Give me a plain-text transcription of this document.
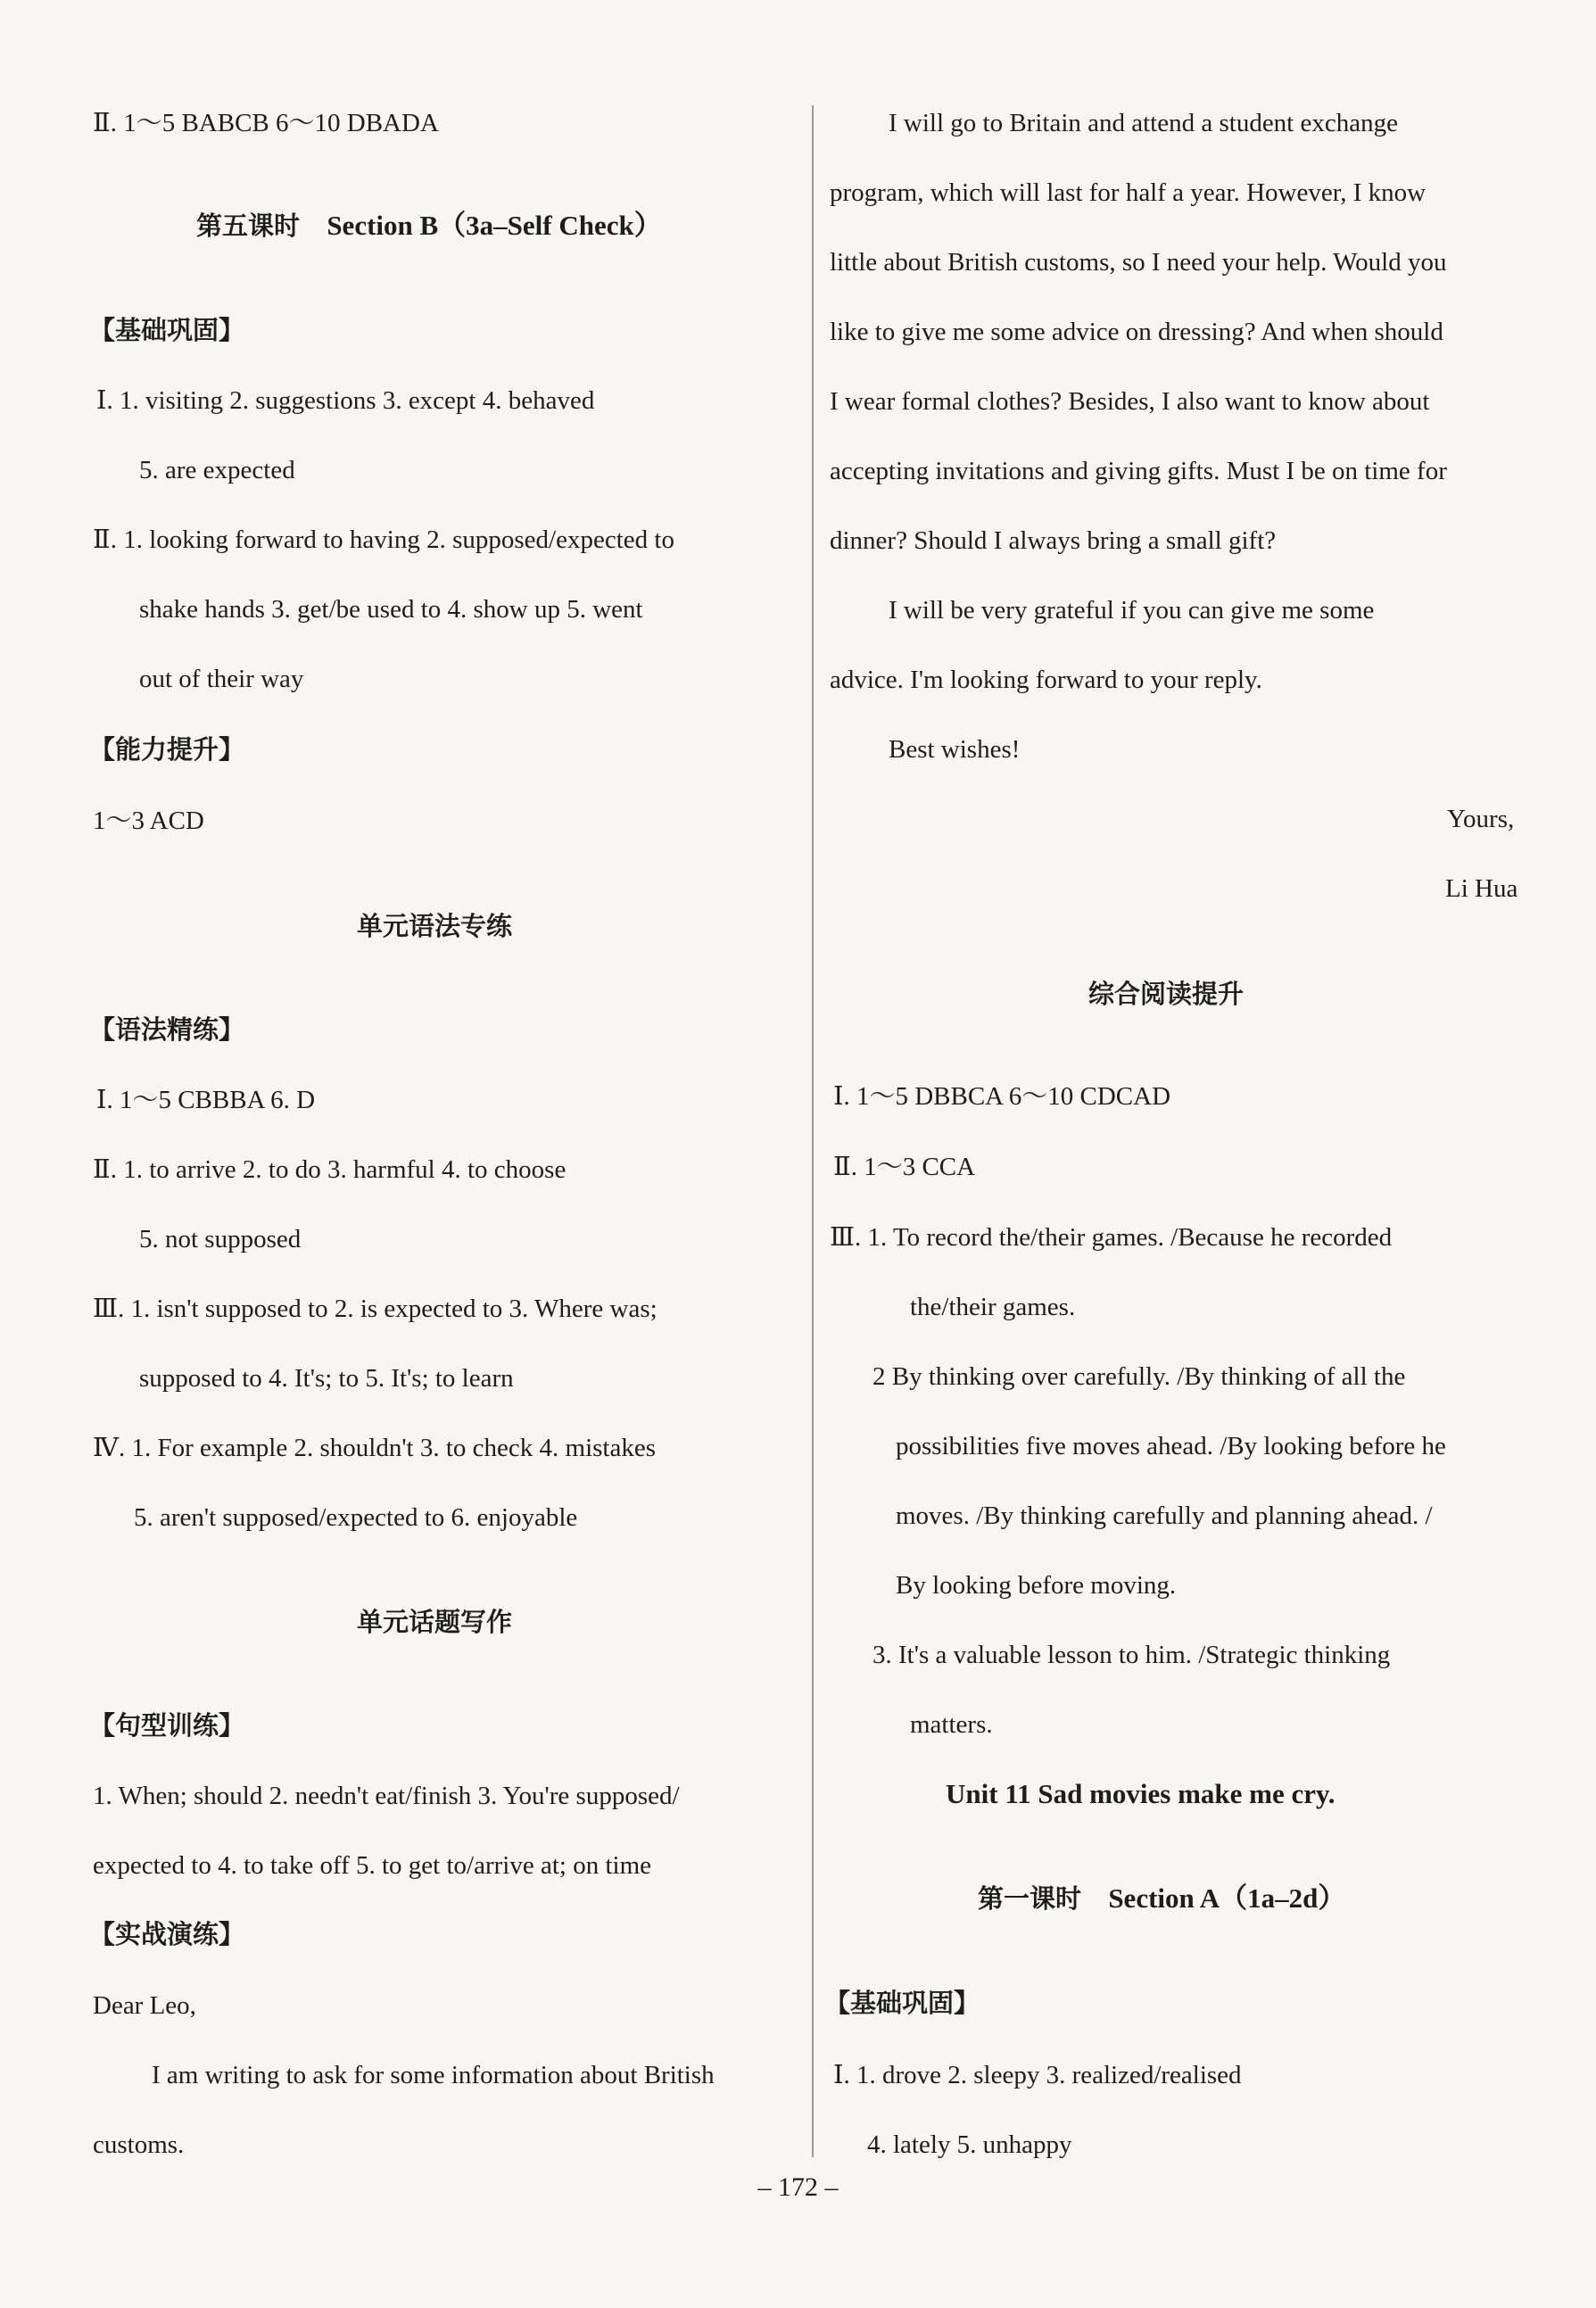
Ⅱ. 1～5 BABCB 6～10 DBADA
第五课时 Section B（3a–Self Check）
【基础巩固】
Ⅰ. 1. visiting 2. suggestions 3. except 4. behaved
5. are expected
Ⅱ. 1. looking forward to having 2. supposed/expected to
shake hands 3. get/be used to 4. show up 5. went
out of their way
【能力提升】
1～3 ACD
单元语法专练
【语法精练】
Ⅰ. 1～5 CBBBA 6. D
Ⅱ. 1. to arrive 2. to do 3. harmful 4. to choose
5. not supposed
Ⅲ. 1. isn't supposed to 2. is expected to 3. Where was;
supposed to 4. It's; to 5. It's; to learn
Ⅳ. 1. For example 2. shouldn't 3. to check 4. mistakes
5. aren't supposed/expected to 6. enjoyable
单元话题写作
【句型训练】
1. When; should 2. needn't eat/finish 3. You're supposed/
expected to 4. to take off 5. to get to/arrive at; on time
【实战演练】
Dear Leo,
I am writing to ask for some information about British
customs.
I will go to Britain and attend a student exchange
program, which will last for half a year. However, I know
little about British customs, so I need your help. Would you
like to give me some advice on dressing? And when should
I wear formal clothes? Besides, I also want to know about
accepting invitations and giving gifts. Must I be on time for
dinner? Should I always bring a small gift?
I will be very grateful if you can give me some
advice. I'm looking forward to your reply.
Best wishes!
Yours,
Li Hua
综合阅读提升
Ⅰ. 1～5 DBBCA 6～10 CDCAD
Ⅱ. 1～3 CCA
Ⅲ. 1. To record the/their games. /Because he recorded
the/their games.
2 By thinking over carefully. /By thinking of all the
possibilities five moves ahead. /By looking before he
moves. /By thinking carefully and planning ahead. /
By looking before moving.
3. It's a valuable lesson to him. /Strategic thinking
matters.
Unit 11 Sad movies make me cry.
第一课时 Section A（1a–2d）
【基础巩固】
Ⅰ. 1. drove 2. sleepy 3. realized/realised
4. lately 5. unhappy
– 172 –
